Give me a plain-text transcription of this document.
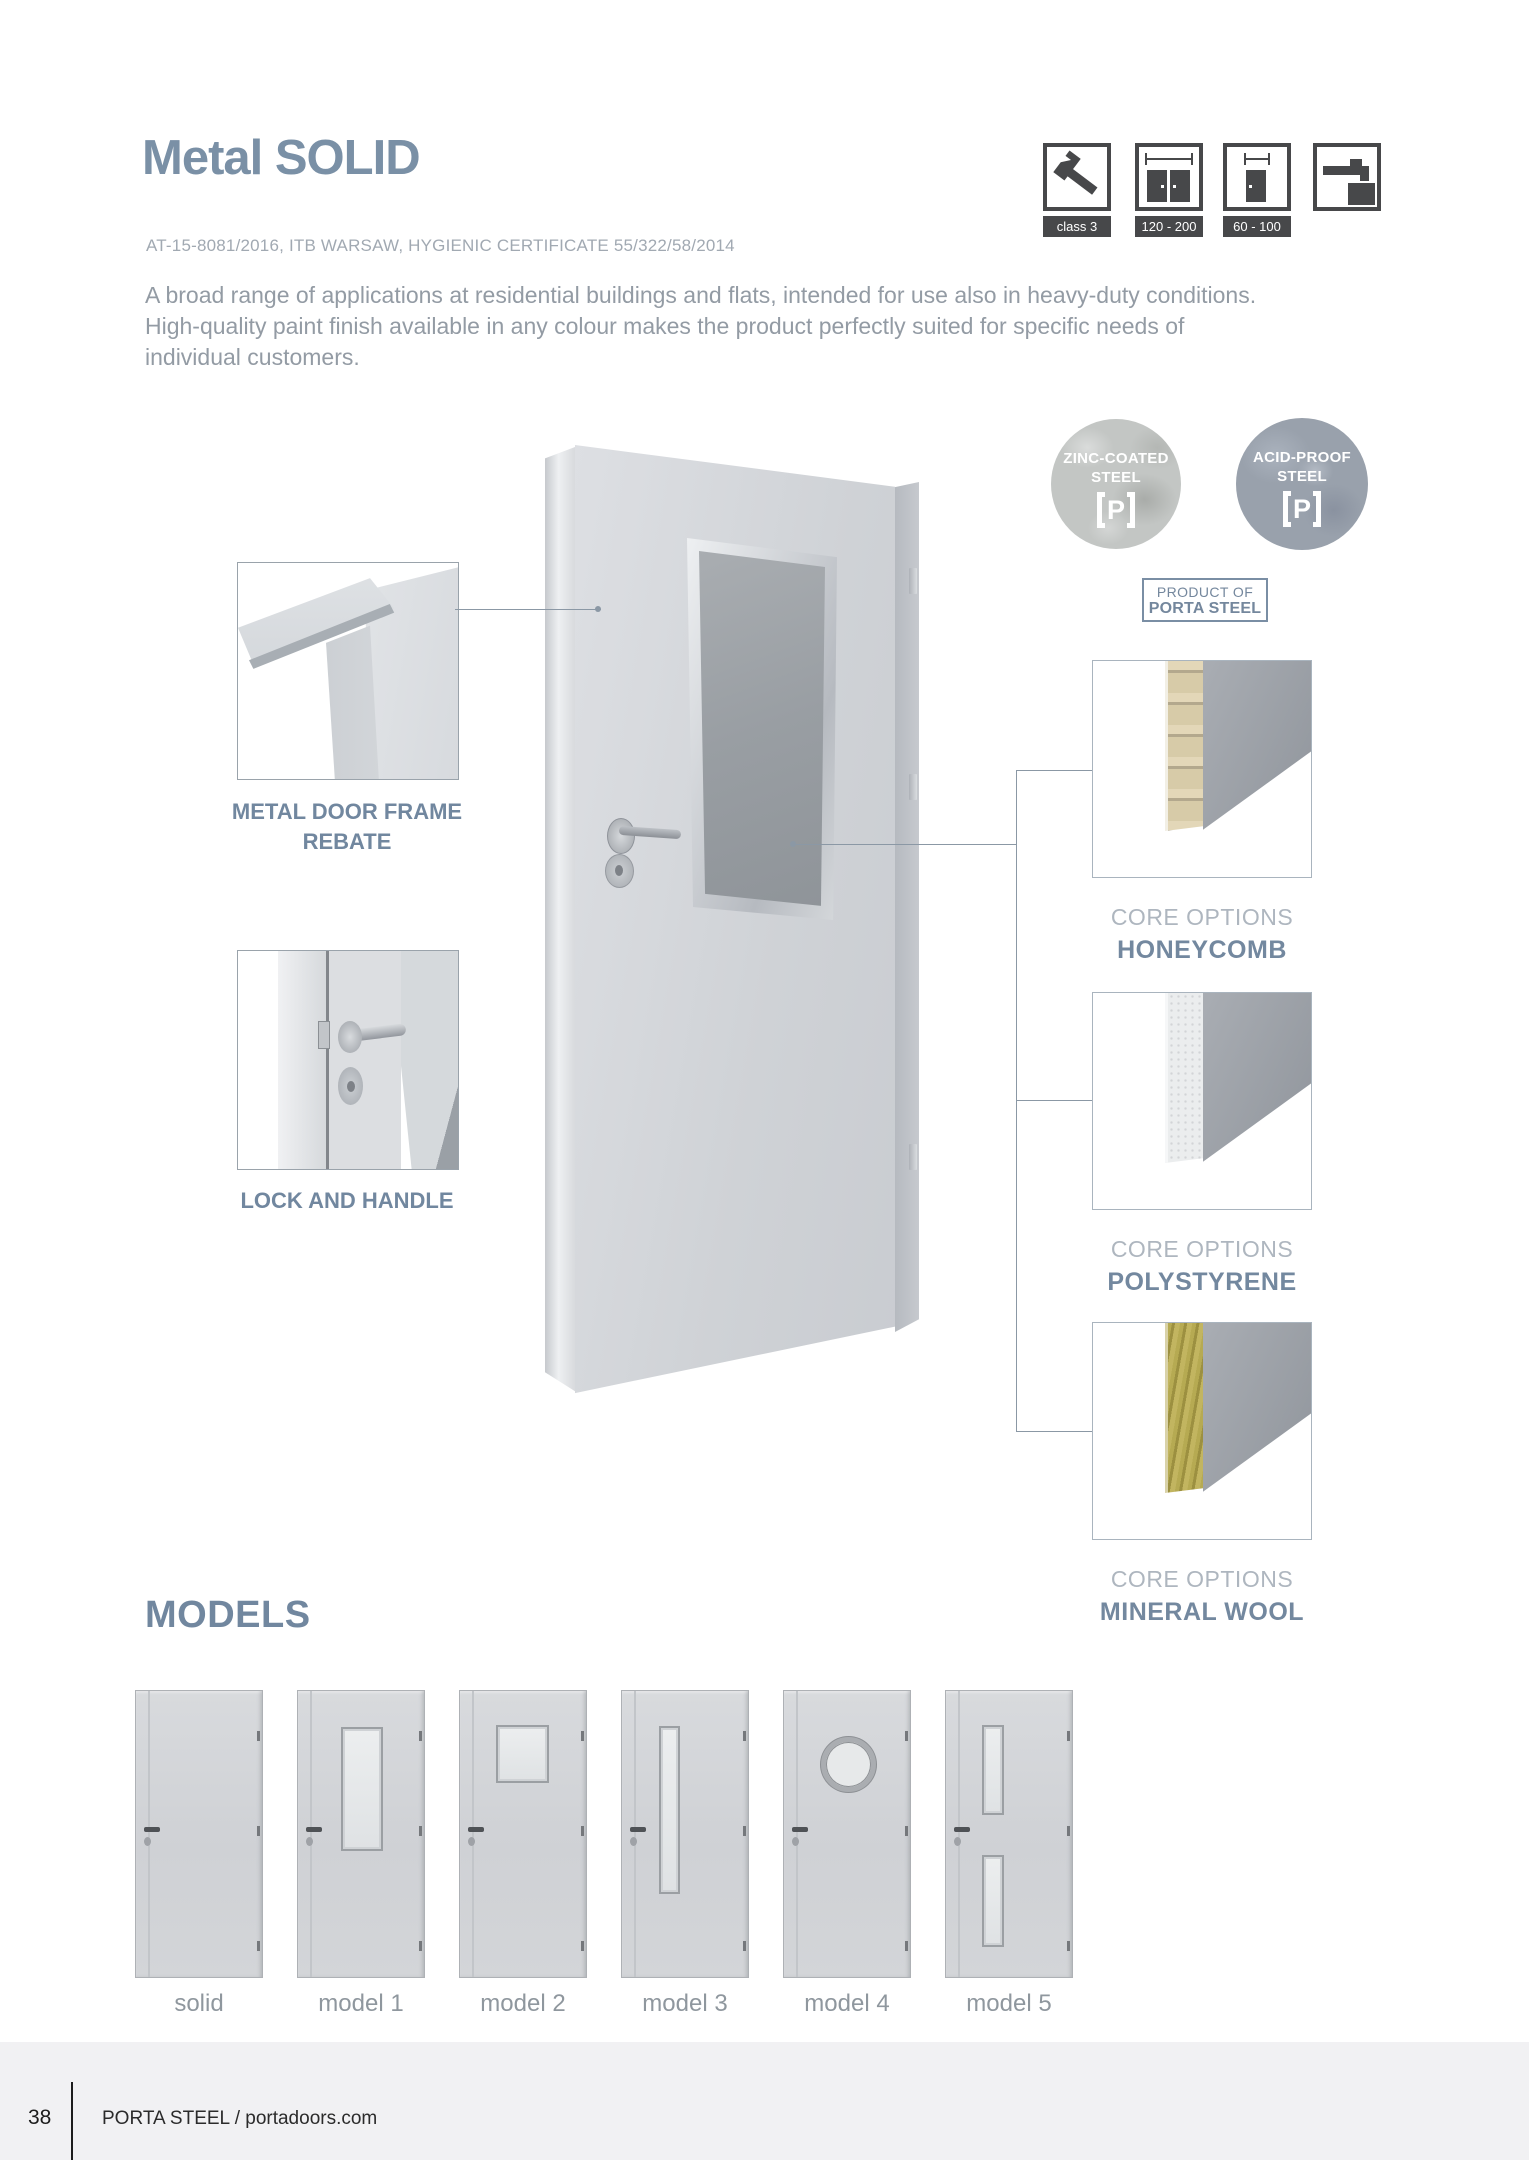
Metal SOLID
AT-15-8081/2016, ITB WARSAW, HYGIENIC CERTIFICATE 55/322/58/2014
A broad range of applications at residential buildings and flats, intended for use also in heavy-duty conditions.
High-quality paint finish available in any colour makes the product perfectly suited for specific needs of
individual customers.
class 3	120 - 200	60 - 100
ZINC-COATED
STEEL
P
ACID-PROOF
STEEL
P
PRODUCT OF
PORTA STEEL
METAL DOOR FRAME
REBATE
LOCK AND HANDLE
CORE OPTIONS
HONEYCOMB
CORE OPTIONS
POLYSTYRENE
CORE OPTIONS
MINERAL WOOL
MODELS
solid	model 1	model 2	model 3	model 4	model 5
38	PORTA STEEL / portadoors.com
